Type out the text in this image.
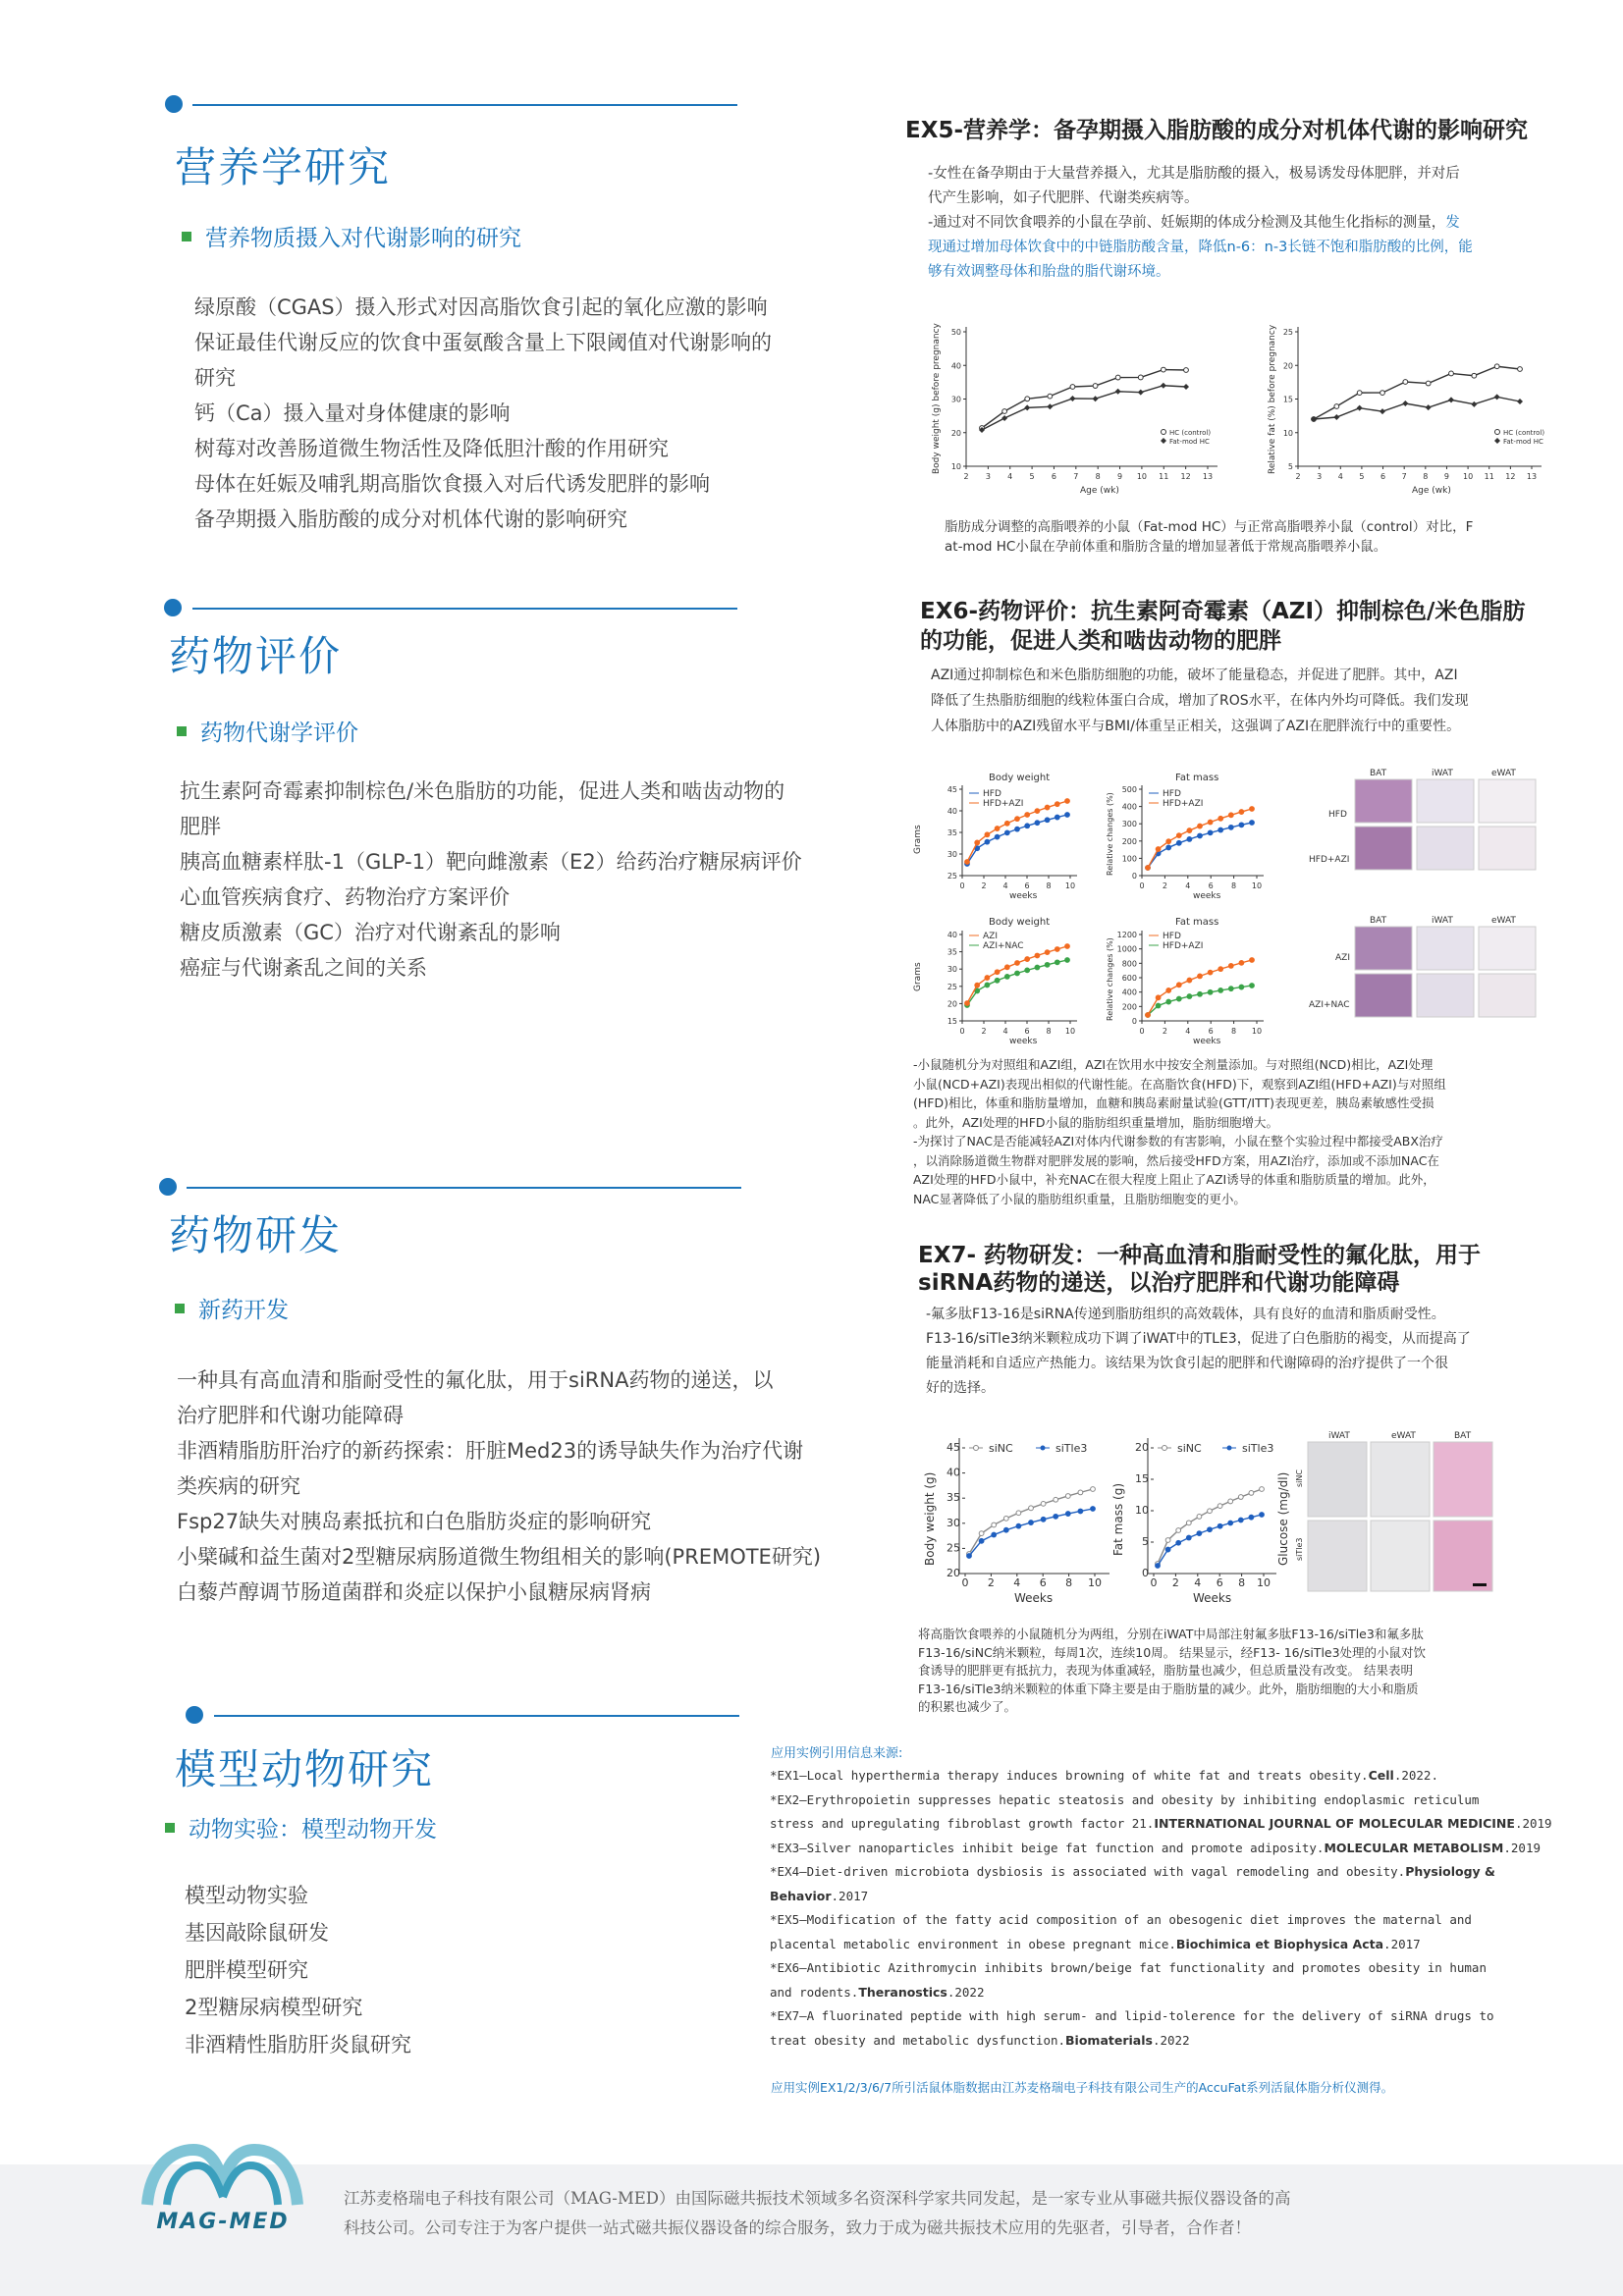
营养学研究
营养物质摄入对代谢影响的研究
绿原酸（CGAS）摄入形式对因高脂饮食引起的氧化应激的影响
保证最佳代谢反应的饮食中蛋氨酸含量上下限阈值对代谢影响的
研究
钙（Ca）摄入量对身体健康的影响
树莓对改善肠道微生物活性及降低胆汁酸的作用研究
母体在妊娠及哺乳期高脂饮食摄入对后代诱发肥胖的影响
备孕期摄入脂肪酸的成分对机体代谢的影响研究
药物评价
药物代谢学评价
抗生素阿奇霉素抑制棕色/米色脂肪的功能，促进人类和啮齿动物的
肥胖
胰高血糖素样肽-1（GLP-1）靶向雌激素（E2）给药治疗糖尿病评价
心血管疾病食疗、药物治疗方案评价
糖皮质激素（GC）治疗对代谢紊乱的影响
癌症与代谢紊乱之间的关系
药物研发
新药开发
一种具有高血清和脂耐受性的氟化肽，用于siRNA药物的递送，以
治疗肥胖和代谢功能障碍
非酒精脂肪肝治疗的新药探索：肝脏Med23的诱导缺失作为治疗代谢
类疾病的研究
Fsp27缺失对胰岛素抵抗和白色脂肪炎症的影响研究
小檗碱和益生菌对2型糖尿病肠道微生物组相关的影响(PREMOTE研究)
白藜芦醇调节肠道菌群和炎症以保护小鼠糖尿病肾病
模型动物研究
动物实验：模型动物开发
模型动物实验
基因敲除鼠研发
肥胖模型研究
2型糖尿病模型研究
非酒精性脂肪肝炎鼠研究
EX5-营养学：备孕期摄入脂肪酸的成分对机体代谢的影响研究
-女性在备孕期由于大量营养摄入，尤其是脂肪酸的摄入，极易诱发母体肥胖，并对后
代产生影响，如子代肥胖、代谢类疾病等。
-通过对不同饮食喂养的小鼠在孕前、妊娠期的体成分检测及其他生化指标的测量，发
现通过增加母体饮食中的中链脂肪酸含量，降低n-6：n-3长链不饱和脂肪酸的比例，能
够有效调整母体和胎盘的脂代谢环境。
Body weight (g) before pregnancy
2 3 4 5 6 7 8 9 10 11 12 13
10
20
30
40
50
Age (wk)
HC (control)
Fat-mod HC	Relative fat (%) before pregnancy
2 3 4 5 6 7 8 9 10 11 12 13
5
10
15
20
25
Age (wk)
HC (control)
Fat-mod HC
脂肪成分调整的高脂喂养的小鼠（Fat-mod HC）与正常高脂喂养小鼠（control）对比，F
at-mod HC小鼠在孕前体重和脂肪含量的增加显著低于常规高脂喂养小鼠。
EX6-药物评价：抗生素阿奇霉素（AZI）抑制棕色/米色脂肪
的功能，促进人类和啮齿动物的肥胖
AZI通过抑制棕色和米色脂肪细胞的功能，破坏了能量稳态，并促进了肥胖。其中，AZI
降低了生热脂肪细胞的线粒体蛋白合成，增加了ROS水平，在体内外均可降低。我们发现
人体脂肪中的AZI残留水平与BMI/体重呈正相关，这强调了AZI在肥胖流行中的重要性。
Body weight
Grams
0 2 4 6 8 10
25
30
35
40
45
weeks
HFD
HFD+AZI
Fat mass
Relative changes (%)
0 2 4 6 8 10
0
100
200
300
400
500
weeks
HFD
HFD+AZI
BAT	iWAT	eWAT
HFD
HFD+AZI
Body weight
Grams
0 2 4 6 8 10
15
20
25
30
35
40
weeks
AZI
AZI+NAC
Fat mass
Relative changes (%)
0 2 4 6 8 10
0
200
400
600
800
1000
1200
weeks
HFD
HFD+AZI
BAT	iWAT	eWAT
AZI
AZI+NAC
-小鼠随机分为对照组和AZI组，AZI在饮用水中按安全剂量添加。与对照组(NCD)相比，AZI处理
小鼠(NCD+AZI)表现出相似的代谢性能。在高脂饮食(HFD)下，观察到AZI组(HFD+AZI)与对照组
(HFD)相比，体重和脂肪量增加，血糖和胰岛素耐量试验(GTT/ITT)表现更差，胰岛素敏感性受损
。此外，AZI处理的HFD小鼠的脂肪组织重量增加，脂肪细胞增大。
-为探讨了NAC是否能减轻AZI对体内代谢参数的有害影响，小鼠在整个实验过程中都接受ABX治疗
，以消除肠道微生物群对肥胖发展的影响，然后接受HFD方案，用AZI治疗，添加或不添加NAC在
AZI处理的HFD小鼠中，补充NAC在很大程度上阻止了AZI诱导的体重和脂肪质量的增加。此外，
NAC显著降低了小鼠的脂肪组织重量，且脂肪细胞变的更小。
EX7- 药物研发：一种高血清和脂耐受性的氟化肽，用于
siRNA药物的递送，以治疗肥胖和代谢功能障碍
-氟多肽F13-16是siRNA传递到脂肪组织的高效载体，具有良好的血清和脂质耐受性。
F13-16/siTle3纳米颗粒成功下调了iWAT中的TLE3，促进了白色脂肪的褐变，从而提高了
能量消耗和自适应产热能力。该结果为饮食引起的肥胖和代谢障碍的治疗提供了一个很
好的选择。
Body weight (g)
0 2 4 6 8 10
20
25
30
35
40
45
Weeks
siNC	siTle3
Fat mass (g)
0 2 4 6 8 10
0
5
10
15
20
Weeks
siNC	siTle3
Glucose (mg/dl)
iWAT	eWAT	BAT
siNC
siTle3
将高脂饮食喂养的小鼠随机分为两组，分别在iWAT中局部注射氟多肽F13-16/siTle3和氟多肽
F13-16/siNC纳米颗粒，每周1次，连续10周。 结果显示，经F13- 16/siTle3处理的小鼠对饮
食诱导的肥胖更有抵抗力，表现为体重减轻，脂肪量也减少，但总质量没有改变。 结果表明
F13-16/siTle3纳米颗粒的体重下降主要是由于脂肪量的减少。此外，脂肪细胞的大小和脂质
的积累也减少了。
应用实例引用信息来源:
*EX1—Local hyperthermia therapy induces browning of white fat and treats obesity.Cell.2022.
*EX2—Erythropoietin suppresses hepatic steatosis and obesity by inhibiting endoplasmic reticulum
stress and upregulating fibroblast growth factor 21.INTERNATIONAL JOURNAL OF MOLECULAR MEDICINE.2019
*EX3—Silver nanoparticles inhibit beige fat function and promote adiposity.MOLECULAR METABOLISM.2019
*EX4—Diet-driven microbiota dysbiosis is associated with vagal remodeling and obesity.Physiology &
Behavior.2017
*EX5—Modification of the fatty acid composition of an obesogenic diet improves the maternal and
placental metabolic environment in obese pregnant mice.Biochimica et Biophysica Acta.2017
*EX6—Antibiotic Azithromycin inhibits brown/beige fat functionality and promotes obesity in human
and rodents.Theranostics.2022
*EX7—A fluorinated peptide with high serum- and lipid-tolerence for the delivery of siRNA drugs to
treat obesity and metabolic dysfunction.Biomaterials.2022
应用实例EX1/2/3/6/7所引活鼠体脂数据由江苏麦格瑞电子科技有限公司生产的AccuFat系列活鼠体脂分析仪测得。
MAG-MED
江苏麦格瑞电子科技有限公司（MAG-MED）由国际磁共振技术领域多名资深科学家共同发起，是一家专业从事磁共振仪器设备的高
科技公司。公司专注于为客户提供一站式磁共振仪器设备的综合服务，致力于成为磁共振技术应用的先驱者，引导者，合作者！
